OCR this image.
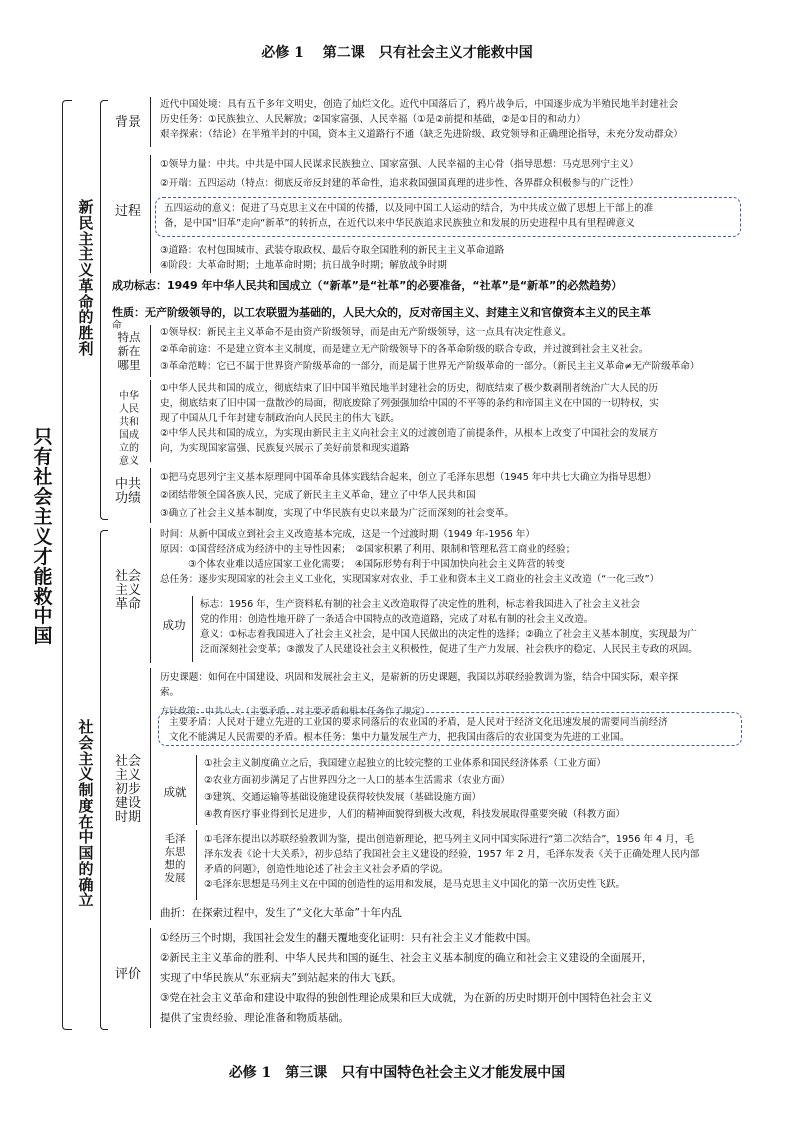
必修 1　 第二课　只有社会主义才能救中国
只
有
社
会
主
义
才
能
救
中
国
新
民
主
主
义
革
命
的
胜
利
社
会
主
义
制
度
在
中
国
的
确
立
背景
近代中国处境：具有五千多年文明史，创造了灿烂文化。近代中国落后了，鸦片战争后，中国逐步成为半殖民地半封建社会
历史任务：①民族独立、人民解放；②国家富强、人民幸福（①是②前提和基础，②是①目的和动力）
艰辛探索：（结论）在半殖半封的中国，资本主义道路行不通（缺乏先进阶级、政党领导和正确理论指导，未充分发动群众）
过程
①领导力量：中共。中共是中国人民谋求民族独立、国家富强、人民幸福的主心骨（指导思想：马克思列宁主义）
②开端：五四运动（特点：彻底反帝反封建的革命性，追求救国强国真理的进步性、各界群众积极参与的广泛性）
五四运动的意义：促进了马克思主义在中国的传播，以及同中国工人运动的结合，为中共成立做了思想上干部上的准
备，是中国“旧革”走向“新革”的转折点，在近代以来中华民族追求民族独立和发展的历史进程中具有里程碑意义
③道路：农村包围城市、武装夺取政权、最后夺取全国胜利的新民主主义革命道路
④阶段：大革命时期；土地革命时期；抗日战争时期；解放战争时期
成功标志：1949 年中华人民共和国成立（“新革”是“社革”的必要准备，“社革”是“新革”的必然趋势）
性质：无产阶级领导的，以工农联盟为基础的，人民大众的，反对帝国主义、封建主义和官僚资本主义的民主革
命
特点
新在
哪里
①领导权：新民主主义革命不是由资产阶级领导，而是由无产阶级领导，这一点具有决定性意义。
②革命前途：不是建立资本主义制度，而是建立无产阶级领导下的各革命阶级的联合专政，并过渡到社会主义社会。
③革命范畴：它已不属于世界资产阶级革命的一部分，而是属于世界无产阶级革命的一部分。（新民主主义革命≠无产阶级革命）
中华
人民
共和
国成
立的
意义
①中华人民共和国的成立，彻底结束了旧中国半殖民地半封建社会的历史，彻底结束了极少数剥削者统治广大人民的历
史，彻底结束了旧中国一盘散沙的局面，彻底废除了列强强加给中国的不平等的条约和帝国主义在中国的一切特权，实
现了中国从几千年封建专制政治向人民民主的伟大飞跃。
②中华人民共和国的成立，为实现由新民主主义向社会主义的过渡创造了前提条件，从根本上改变了中国社会的发展方
向，为实现国家富强、民族复兴展示了美好前景和现实道路
中共
功绩
①把马克思列宁主义基本原理同中国革命具体实践结合起来，创立了毛泽东思想（1945 年中共七大确立为指导思想）
②团结带领全国各族人民，完成了新民主主义革命，建立了中华人民共和国
③确立了社会主义基本制度，实现了中华民族有史以来最为广泛而深刻的社会变革。
社会
主义
革命
时间：从新中国成立到社会主义改造基本完成，这是一个过渡时期（1949 年-1956 年）
原因：①国营经济成为经济中的主导性因素；　②国家积累了利用、限制和管理私营工商业的经验；
③个体农业难以适应国家工业化需要；　④国际形势有利于中国加快向社会主义阵营的转变
总任务：逐步实现国家的社会主义工业化，实现国家对农业、手工业和资本主义工商业的社会主义改造（“一化三改”）
成功
标志：1956 年，生产资料私有制的社会主义改造取得了决定性的胜利，标志着我国进入了社会主义社会
党的作用：创造性地开辟了一条适合中国特点的改造道路，完成了对私有制的社会主义改造。
意义：①标志着我国进入了社会主义社会，是中国人民做出的决定性的选择；②确立了社会主义基本制度，实现最为广
泛而深刻社会变革；③激发了人民建设社会主义积极性，促进了生产力发展、社会秩序的稳定、人民民主专政的巩固。
社会
主义
初步
建设
时期
历史课题：如何在中国建设、巩固和发展社会主义，是崭新的历史课题，我国以苏联经验教训为鉴，结合中国实际，艰辛探
索。
方针政策：中共八大（主要矛盾、对主要矛盾和根本任务作了规定）
主要矛盾：人民对于建立先进的工业国的要求同落后的农业国的矛盾，是人民对于经济文化迅速发展的需要同当前经济
文化不能满足人民需要的矛盾。根本任务：集中力量发展生产力，把我国由落后的农业国变为先进的工业国。
成就
①社会主义制度确立之后，我国建立起独立的比较完整的工业体系和国民经济体系（工业方面）
②农业方面初步满足了占世界四分之一人口的基本生活需求（农业方面）
③建筑、交通运输等基础设施建设获得较快发展（基础设施方面）
④教育医疗事业得到长足进步，人们的精神面貌得到极大改观，科技发展取得重要突破（科教方面）
毛泽
东思
想的
发展
①毛泽东提出以苏联经验教训为鉴，提出创造新理论，把马列主义同中国实际进行“第二次结合”，1956 年 4 月，毛
泽东发表《论十大关系》，初步总结了我国社会主义建设的经验，1957 年 2 月，毛泽东发表《关于正确处理人民内部
矛盾的问题》，创造性地论述了社会主义社会矛盾的学说。
②毛泽东思想是马列主义在中国的创造性的运用和发展，是马克思主义中国化的第一次历史性飞跃。
曲折：在探索过程中，发生了“文化大革命”十年内乱
评价
①经历三个时期，我国社会发生的翻天覆地变化证明：只有社会主义才能救中国。
②新民主主义革命的胜利、中华人民共和国的诞生、社会主义基本制度的确立和社会主义建设的全面展开，
实现了中华民族从“东亚病夫”到站起来的伟大飞跃。
③党在社会主义革命和建设中取得的独创性理论成果和巨大成就，为在新的历史时期开创中国特色社会主义
提供了宝贵经验、理论准备和物质基础。
必修 1　第三课　只有中国特色社会主义才能发展中国
